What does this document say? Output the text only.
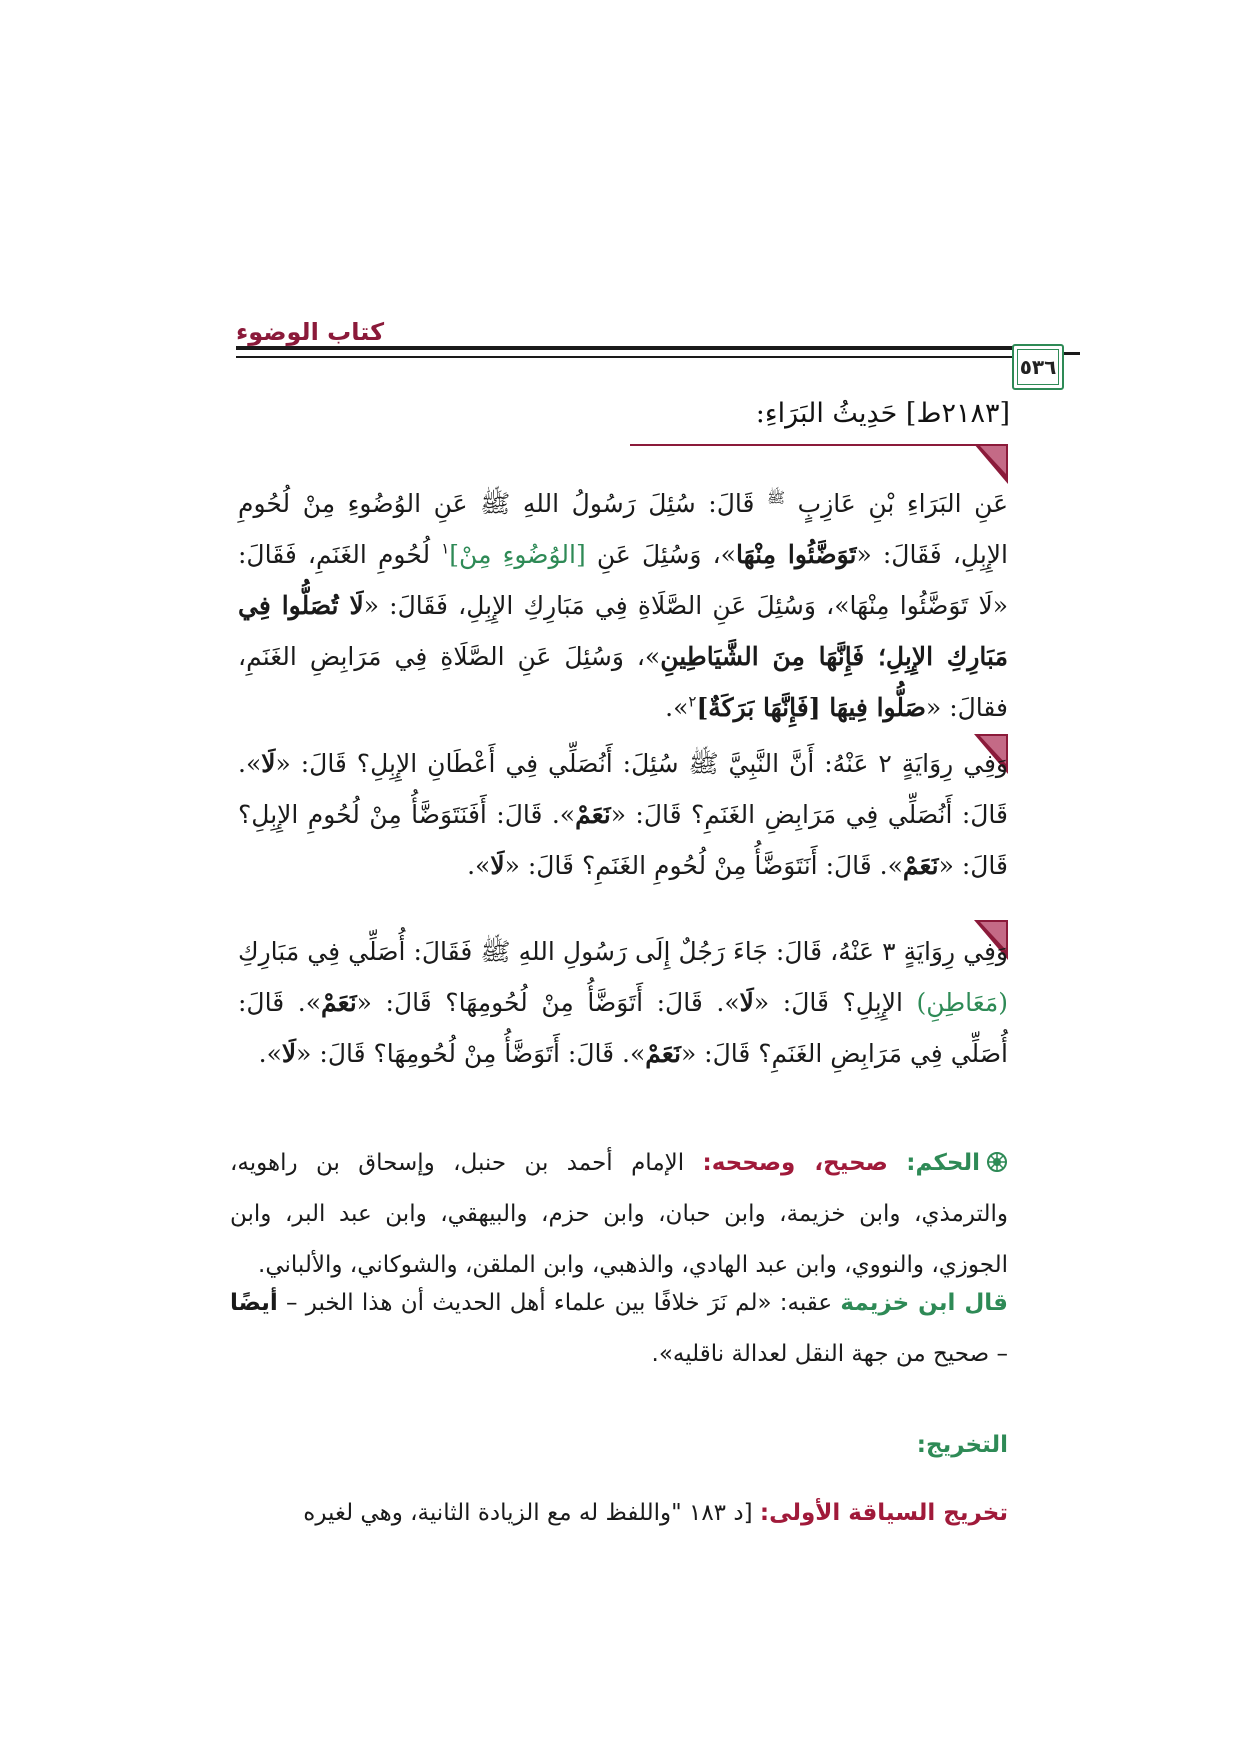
كتاب الوضوء
٥٣٦
[٢١٨٣ط] حَدِيثُ البَرَاءِ:
عَنِ البَرَاءِ بْنِ عَازِبٍ $^ﷺ$ قَالَ: سُئِلَ رَسُولُ اللهِ ﷺ عَنِ الوُضُوءِ مِنْ لُحُومِ الإِبِلِ، فَقَالَ: «تَوَضَّئُوا مِنْهَا»، وَسُئِلَ عَنِ [الوُضُوءِ مِنْ]$^١$ لُحُومِ الغَنَمِ، فَقَالَ: «لَا تَوَضَّئُوا مِنْهَا»، وَسُئِلَ عَنِ الصَّلَاةِ فِي مَبَارِكِ الإِبِلِ، فَقَالَ: «لَا تُصَلُّوا فِي مَبَارِكِ الإِبِلِ؛ فَإِنَّهَا مِنَ الشَّيَاطِينِ»، وَسُئِلَ عَنِ الصَّلَاةِ فِي مَرَابِضِ الغَنَمِ، فقالَ: «صَلُّوا فِيهَا [فَإِنَّهَا بَرَكَةٌ]$^٢$».
وَفِي رِوَايَةٍ ٢ عَنْهُ: أَنَّ النَّبِيَّ ﷺ سُئِلَ: أَنُصَلِّي فِي أَعْطَانِ الإِبِلِ؟ قَالَ: «لَا». قَالَ: أَنُصَلِّي فِي مَرَابِضِ الغَنَمِ؟ قَالَ: «نَعَمْ». قَالَ: أَفَنَتَوَضَّأُ مِنْ لُحُومِ الإِبِلِ؟ قَالَ: «نَعَمْ». قَالَ: أَنَتَوَضَّأُ مِنْ لُحُومِ الغَنَمِ؟ قَالَ: «لَا».
وَفِي رِوَايَةٍ ٣ عَنْهُ، قَالَ: جَاءَ رَجُلٌ إِلَى رَسُولِ اللهِ ﷺ فَقَالَ: أُصَلِّي فِي مَبَارِكِ (مَعَاطِنِ) الإِبِلِ؟ قَالَ: «لَا». قَالَ: أَتَوَضَّأُ مِنْ لُحُومِهَا؟ قَالَ: «نَعَمْ». قَالَ: أُصَلِّي فِي مَرَابِضِ الغَنَمِ؟ قَالَ: «نَعَمْ». قَالَ: أَتَوَضَّأُ مِنْ لُحُومِهَا؟ قَالَ: «لَا».
الحكم: صحيح، وصححه: الإمام أحمد بن حنبل، وإسحاق بن راهويه، والترمذي، وابن خزيمة، وابن حبان، وابن حزم، والبيهقي، وابن عبد البر، وابن الجوزي، والنووي، وابن عبد الهادي، والذهبي، وابن الملقن، والشوكاني، والألباني.
قال ابن خزيمة عقبه: «لم نَرَ خلافًا بين علماء أهل الحديث أن هذا الخبر – أيضًا – صحيح من جهة النقل لعدالة ناقليه».
التخريج:
تخريج السياقة الأولى: [د ١٨٣ "واللفظ له مع الزيادة الثانية، وهي لغيره
